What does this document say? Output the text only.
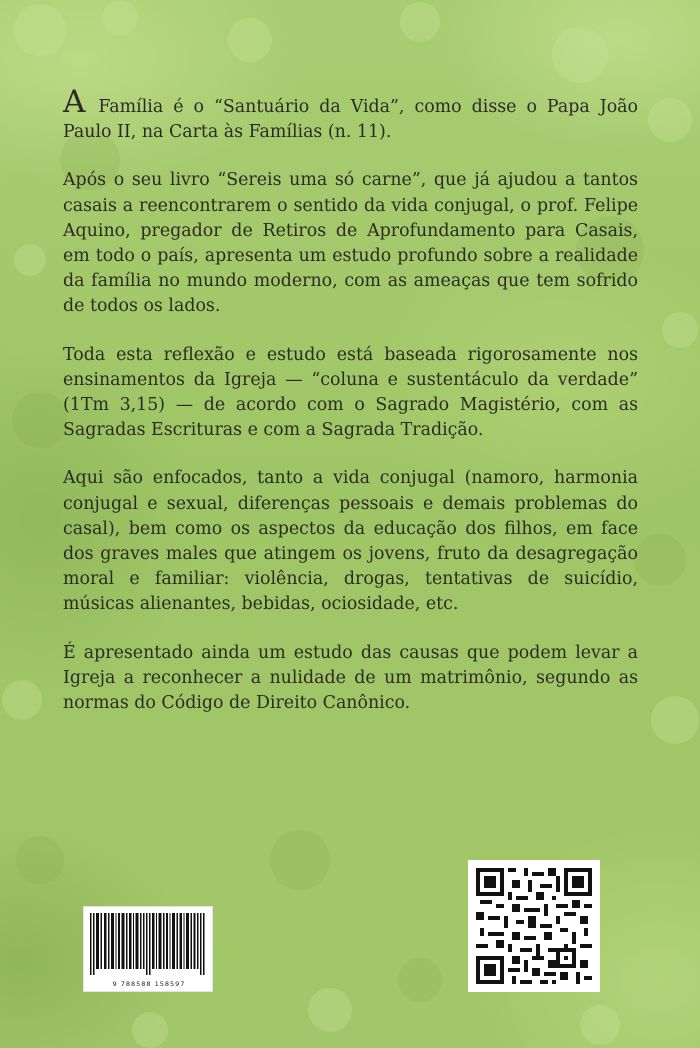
A Família é o “Santuário da Vida”, como disse o Papa João Paulo II, na Carta às Famílias (n. 11).

Após o seu livro “Sereis uma só carne”, que já ajudou a tantos casais a reencontrarem o sentido da vida conjugal, o prof. Felipe Aquino, pregador de Retiros de Aprofundamento para Casais, em todo o país, apresenta um estudo profundo sobre a realidade da família no mundo moderno, com as ameaças que tem sofrido de todos os lados.

Toda esta reflexão e estudo está baseada rigorosamente nos ensinamentos da Igreja — “coluna e sustentáculo da verdade” (1Tm 3,15) — de acordo com o Sagrado Magistério, com as Sagradas Escrituras e com a Sagrada Tradição.

Aqui são enfocados, tanto a vida conjugal (namoro, harmonia conjugal e sexual, diferenças pessoais e demais problemas do casal), bem como os aspectos da educação dos filhos, em face dos graves males que atingem os jovens, fruto da desagregação moral e familiar: violência, drogas, tentativas de suicídio, músicas alienantes, bebidas, ociosidade, etc.

É apresentado ainda um estudo das causas que podem levar a Igreja a reconhecer a nulidade de um matrimônio, segundo as normas do Código de Direito Canônico.

9 788588 158597
